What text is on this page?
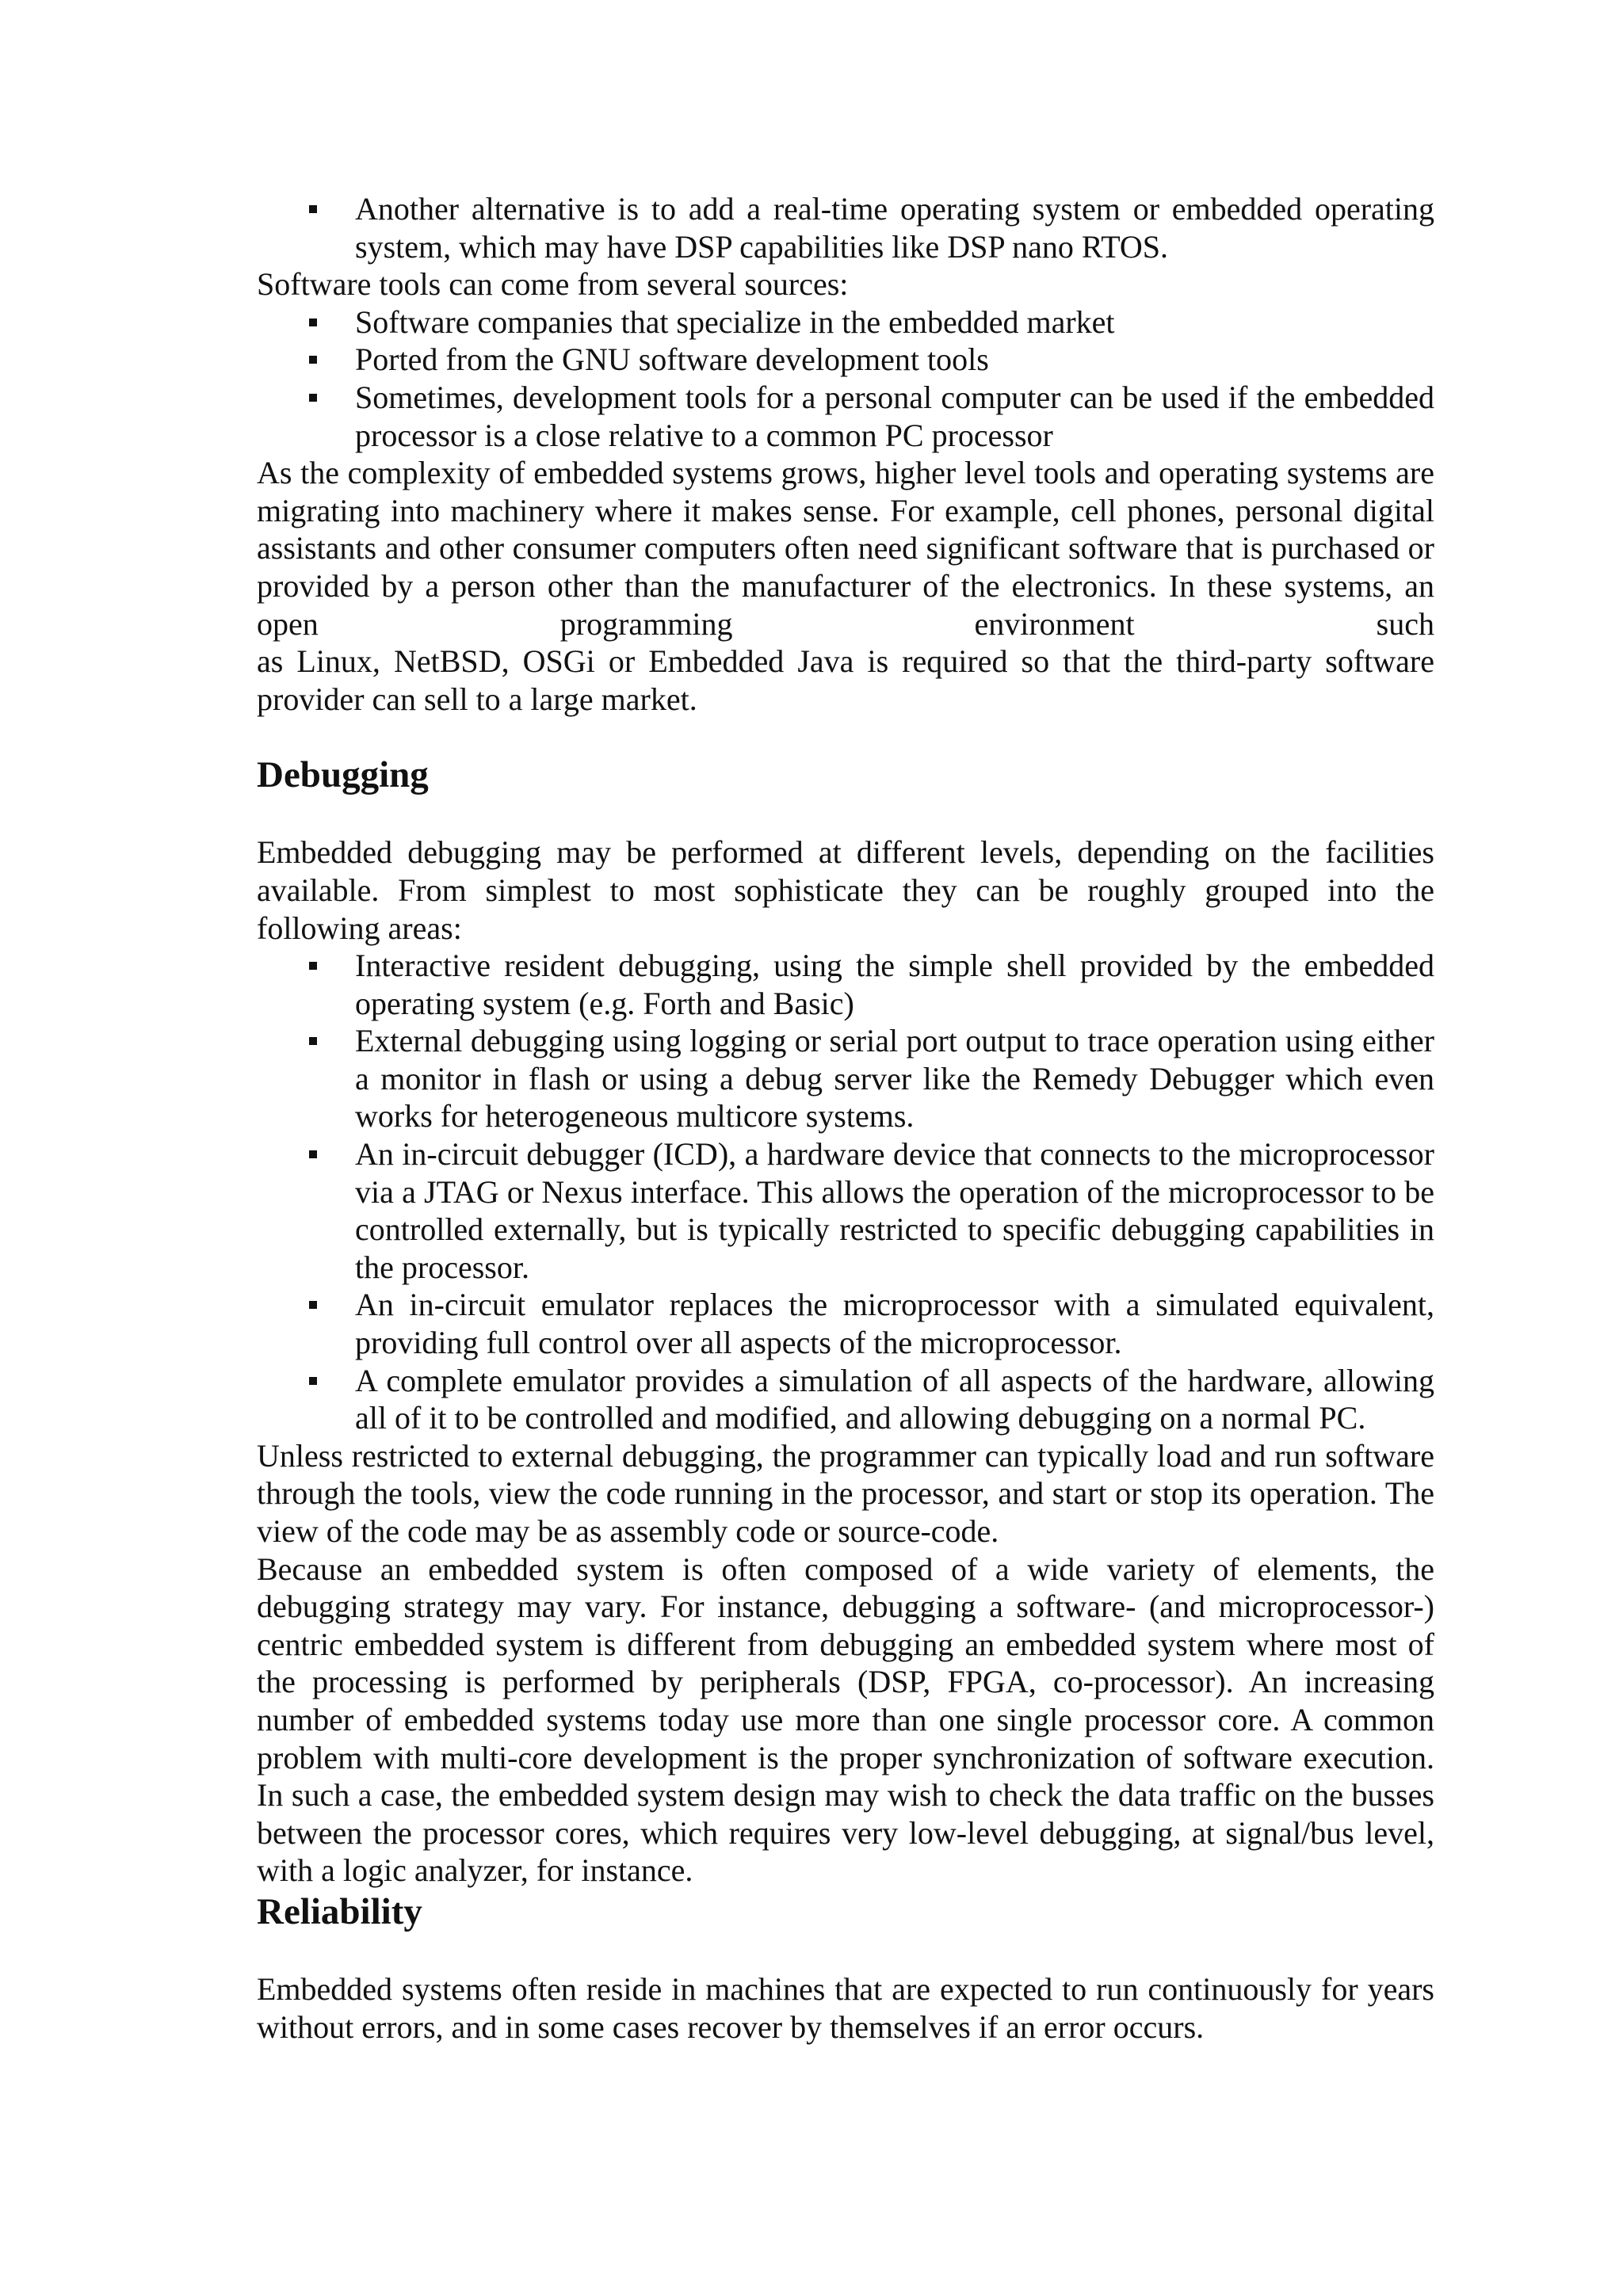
Another alternative is to add a real-time operating system or embedded operating system, which may have DSP capabilities like DSP nano RTOS.

Software tools can come from several sources:

Software companies that specialize in the embedded market
Ported from the GNU software development tools
Sometimes, development tools for a personal computer can be used if the embedded processor is a close relative to a common PC processor

As the complexity of embedded systems grows, higher level tools and operating systems are migrating into machinery where it makes sense. For example, cell phones, personal digital assistants and other consumer computers often need significant software that is purchased or provided by a person other than the manufacturer of the electronics. In these systems, an open programming environment such

as Linux, NetBSD, OSGi or Embedded Java is required so that the third-party software provider can sell to a large market.

Debugging

Embedded debugging may be performed at different levels, depending on the facilities available. From simplest to most sophisticate they can be roughly grouped into the following areas:

Interactive resident debugging, using the simple shell provided by the embedded operating system (e.g. Forth and Basic)
External debugging using logging or serial port output to trace operation using either a monitor in flash or using a debug server like the Remedy Debugger which even works for heterogeneous multicore systems.
An in-circuit debugger (ICD), a hardware device that connects to the microprocessor via a JTAG or Nexus interface. This allows the operation of the microprocessor to be controlled externally, but is typically restricted to specific debugging capabilities in the processor.
An in-circuit emulator replaces the microprocessor with a simulated equivalent, providing full control over all aspects of the microprocessor.
A complete emulator provides a simulation of all aspects of the hardware, allowing all of it to be controlled and modified, and allowing debugging on a normal PC.

Unless restricted to external debugging, the programmer can typically load and run software through the tools, view the code running in the processor, and start or stop its operation. The view of the code may be as assembly code or source-code.

Because an embedded system is often composed of a wide variety of elements, the debugging strategy may vary. For instance, debugging a software- (and microprocessor-) centric embedded system is different from debugging an embedded system where most of the processing is performed by peripherals (DSP, FPGA, co-processor). An increasing number of embedded systems today use more than one single processor core. A common problem with multi-core development is the proper synchronization of software execution. In such a case, the embedded system design may wish to check the data traffic on the busses between the processor cores, which requires very low-level debugging, at signal/bus level, with a logic analyzer, for instance.

Reliability

Embedded systems often reside in machines that are expected to run continuously for years without errors, and in some cases recover by themselves if an error occurs.
